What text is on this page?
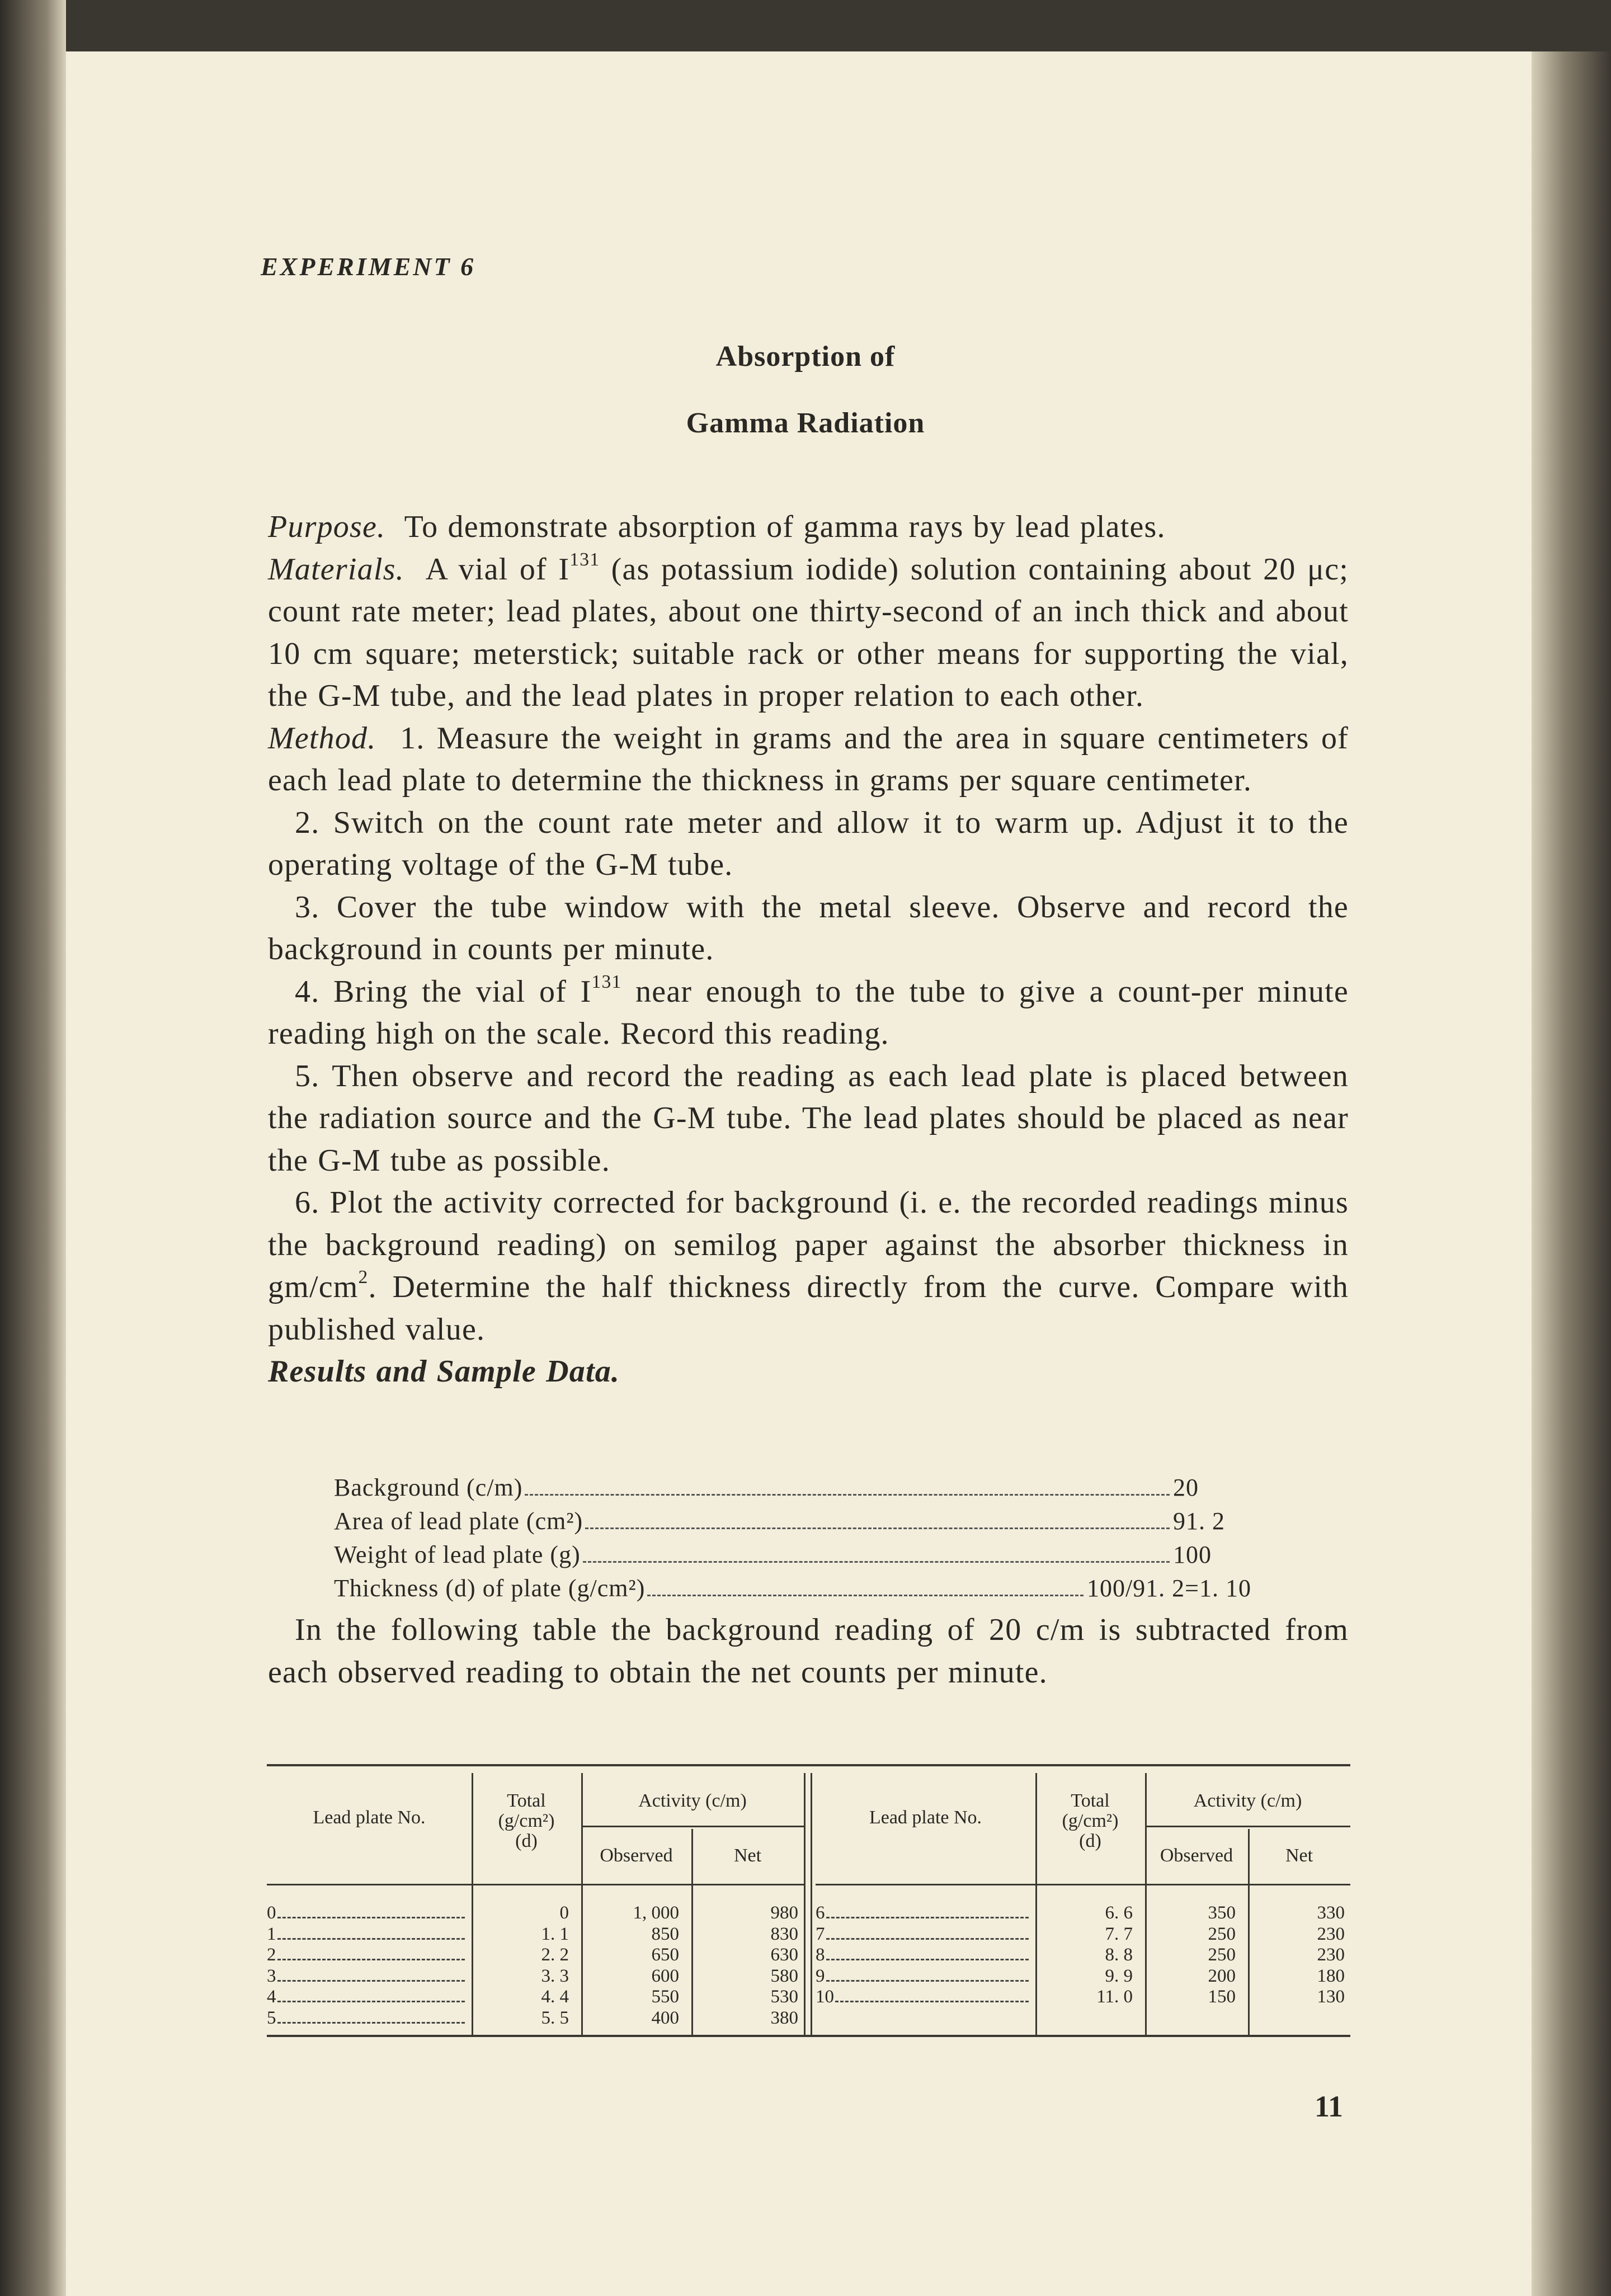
EXPERIMENT 6
Absorption of
Gamma Radiation

Purpose. To demonstrate absorption of gamma rays by lead plates.

Materials. A vial of $I^{131}$ (as potassium iodide) solution containing about 20 μc; count rate meter; lead plates, about one thirty-second of an inch thick and about 10 cm square; meterstick; suitable rack or other means for supporting the vial, the G-M tube, and the lead plates in proper relation to each other.

Method. 1. Measure the weight in grams and the area in square centimeters of each lead plate to determine the thickness in grams per square centimeter.

2. Switch on the count rate meter and allow it to warm up. Adjust it to the operating voltage of the G-M tube.

3. Cover the tube window with the metal sleeve. Observe and record the background in counts per minute.

4. Bring the vial of $I^{131}$ near enough to the tube to give a count-per minute reading high on the scale. Record this reading.

5. Then observe and record the reading as each lead plate is placed between the radiation source and the G-M tube. The lead plates should be placed as near the G-M tube as possible.

6. Plot the activity corrected for background (i. e. the recorded readings minus the background reading) on semilog paper against the absorber thickness in $gm/cm^2$. Determine the half thickness directly from the curve. Compare with published value.

Results and Sample Data.

Background (c/m)	20
Area of lead plate (cm²)	91. 2
Weight of lead plate (g)	100
Thickness (d) of plate (g/cm²)	100/91. 2=1. 10

In the following table the background reading of 20 c/m is subtracted from each observed reading to obtain the net counts per minute.

Lead plate No.
Total
(g/cm²)
(d)
Activity (c/m)
Observed	Net
0	0	1, 000	980
1	1. 1	850	830
2	2. 2	650	630
3	3. 3	600	580
4	4. 4	550	530
5	5. 5	400	380
Lead plate No.
Total
(g/cm²)
(d)
Activity (c/m)
Observed	Net
6	6. 6	350	330
7	7. 7	250	230
8	8. 8	250	230
9	9. 9	200	180
10	11. 0	150	130
11
